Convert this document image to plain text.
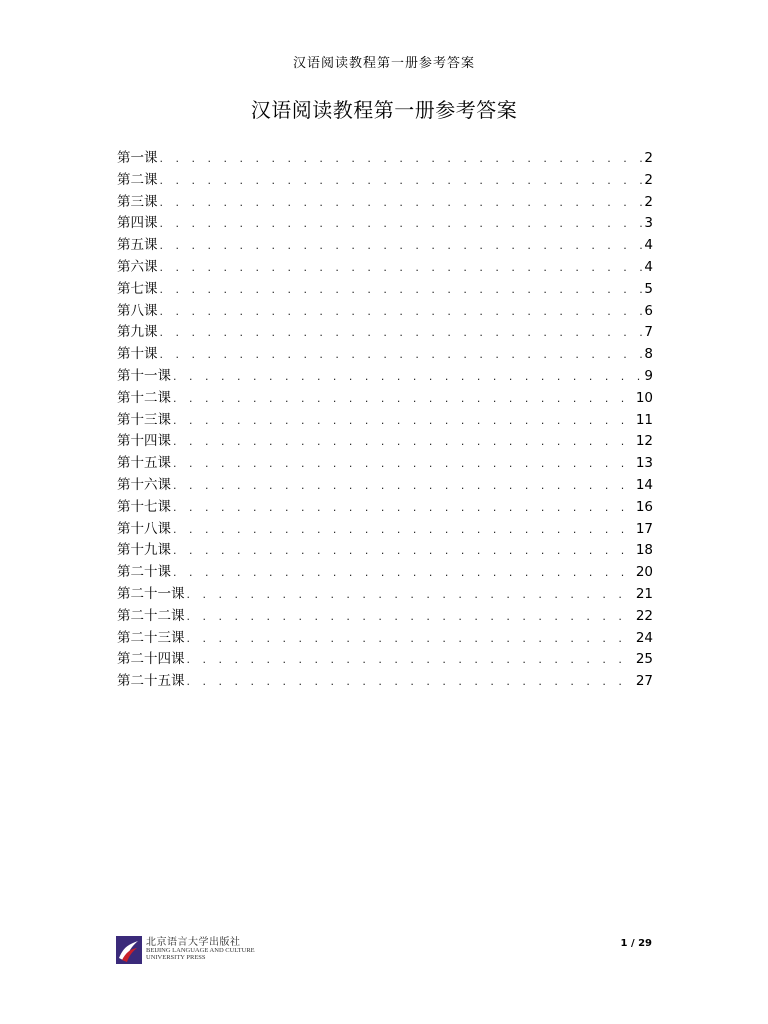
汉语阅读教程第一册参考答案
汉语阅读教程第一册参考答案
第一课 . . .	2
第二课 . . .	2
第三课 . . .	2
第四课 . . .	3
第五课 . . .	4
第六课 . . .	4
第七课 . . .	5
第八课 . . .	6
第九课 . . .	7
第十课 . . .	8
第十一课 . . .	9
第十二课 . . .	10
第十三课 . . .	11
第十四课 . . .	12
第十五课 . . .	13
第十六课 . . .	14
第十七课 . . .	16
第十八课 . . .	17
第十九课 . . .	18
第二十课 . . .	20
第二十一课 . . .	21
第二十二课 . . .	22
第二十三课 . . .	24
第二十四课 . . .	25
第二十五课 . . .	27
北京语言大学出版社
BEIJING LANGUAGE AND CULTURE
UNIVERSITY PRESS
1 / 29
